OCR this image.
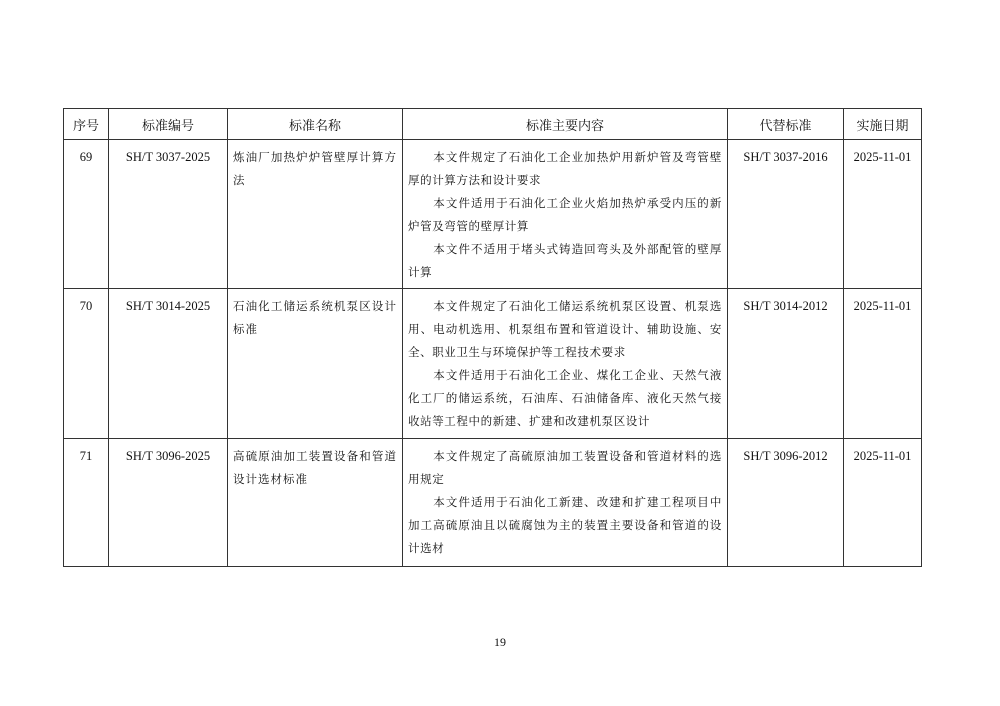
序号	标准编号	标准名称	标准主要内容	代替标准	实施日期
69	SH/T 3037-2025	炼油厂加热炉炉管壁厚计算方法	本文件规定了石油化工企业加热炉用新炉管及弯管壁厚的计算方法和设计要求

本文件适用于石油化工企业火焰加热炉承受内压的新炉管及弯管的壁厚计算

本文件不适用于堵头式铸造回弯头及外部配管的壁厚计算	SH/T 3037-2016	2025-11-01
70	SH/T 3014-2025	石油化工储运系统机泵区设计标准	本文件规定了石油化工储运系统机泵区设置、机泵选用、电动机选用、机泵组布置和管道设计、辅助设施、安全、职业卫生与环境保护等工程技术要求

本文件适用于石油化工企业、煤化工企业、天然气液化工厂的储运系统，石油库、石油储备库、液化天然气接收站等工程中的新建、扩建和改建机泵区设计	SH/T 3014-2012	2025-11-01
71	SH/T 3096-2025	高硫原油加工装置设备和管道设计选材标准	本文件规定了高硫原油加工装置设备和管道材料的选用规定

本文件适用于石油化工新建、改建和扩建工程项目中加工高硫原油且以硫腐蚀为主的装置主要设备和管道的设计选材	SH/T 3096-2012	2025-11-01
19
